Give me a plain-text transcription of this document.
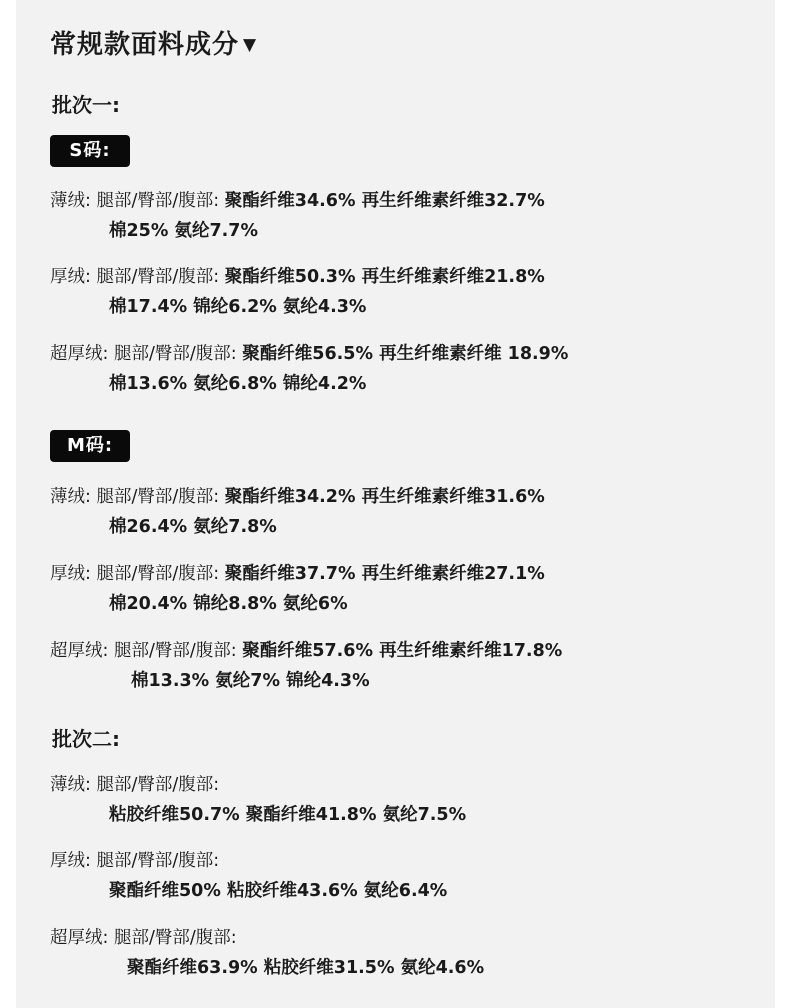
常规款面料成分 ▼
批次一:
S码:
薄绒: 腿部/臀部/腹部: 聚酯纤维34.6% 再生纤维素纤维32.7%
棉25% 氨纶7.7%
厚绒: 腿部/臀部/腹部: 聚酯纤维50.3% 再生纤维素纤维21.8%
棉17.4% 锦纶6.2% 氨纶4.3%
超厚绒: 腿部/臀部/腹部: 聚酯纤维56.5% 再生纤维素纤维 18.9%
棉13.6% 氨纶6.8% 锦纶4.2%
M码:
薄绒: 腿部/臀部/腹部: 聚酯纤维34.2% 再生纤维素纤维31.6%
棉26.4% 氨纶7.8%
厚绒: 腿部/臀部/腹部: 聚酯纤维37.7% 再生纤维素纤维27.1%
棉20.4% 锦纶8.8% 氨纶6%
超厚绒: 腿部/臀部/腹部: 聚酯纤维57.6% 再生纤维素纤维17.8%
棉13.3% 氨纶7% 锦纶4.3%
批次二:
薄绒: 腿部/臀部/腹部:
粘胶纤维50.7% 聚酯纤维41.8% 氨纶7.5%
厚绒: 腿部/臀部/腹部:
聚酯纤维50% 粘胶纤维43.6% 氨纶6.4%
超厚绒: 腿部/臀部/腹部:
聚酯纤维63.9% 粘胶纤维31.5% 氨纶4.6%
